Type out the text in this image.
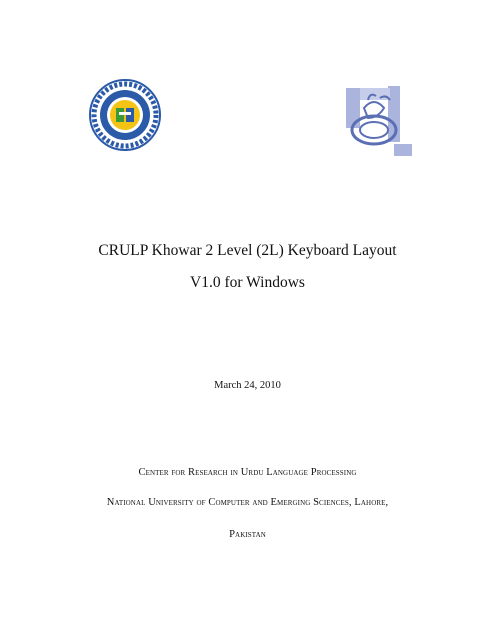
CRULP Khowar 2 Level (2L) Keyboard Layout
V1.0 for Windows
March 24, 2010
Center for Research in Urdu Language Processing
National University of Computer and Emerging Sciences, Lahore,
Pakistan
